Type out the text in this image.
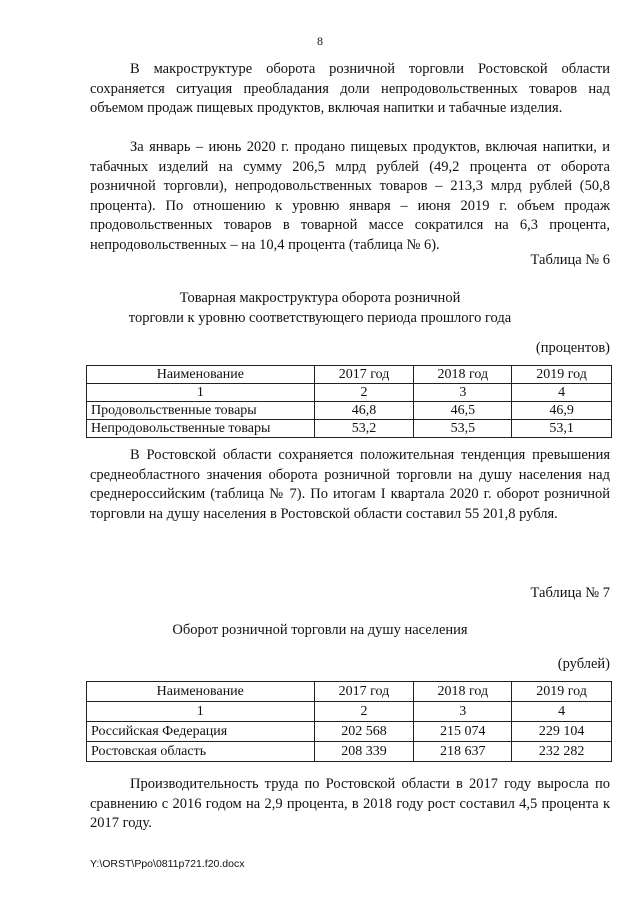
8

В макроструктуре оборота розничной торговли Ростовской области сохраняется ситуация преобладания доли непродовольственных товаров над объемом продаж пищевых продуктов, включая напитки и табачные изделия.

За январь – июнь 2020 г. продано пищевых продуктов, включая напитки, и табачных изделий на сумму 206,5 млрд рублей (49,2 процента от оборота розничной торговли), непродовольственных товаров – 213,3 млрд рублей (50,8 процента). По отношению к уровню января – июня 2019 г. объем продаж продовольственных товаров в товарной массе сократился на 6,3 процента, непродовольственных – на 10,4 процента (таблица № 6).

Таблица № 6
Товарная макроструктура оборота розничной
торговли к уровню соответствующего периода прошлого года
(процентов)
Наименование	2017 год	2018 год	2019 год
1	2	3	4
Продовольственные товары	46,8	46,5	46,9
Непродовольственные товары	53,2	53,5	53,1

В Ростовской области сохраняется положительная тенденция превышения среднеобластного значения оборота розничной торговли на душу населения над среднероссийским (таблица № 7). По итогам I квартала 2020 г. оборот розничной торговли на душу населения в Ростовской области составил 55 201,8 рубля.

Таблица № 7
Оборот розничной торговли на душу населения
(рублей)
Наименование	2017 год	2018 год	2019 год
1	2	3	4
Российская Федерация	202 568	215 074	229 104
Ростовская область	208 339	218 637	232 282

Производительность труда по Ростовской области в 2017 году выросла по сравнению с 2016 годом на 2,9 процента, в 2018 году рост составил 4,5 процента к 2017 году.

Y:\ORST\Ppo\0811p721.f20.docx
